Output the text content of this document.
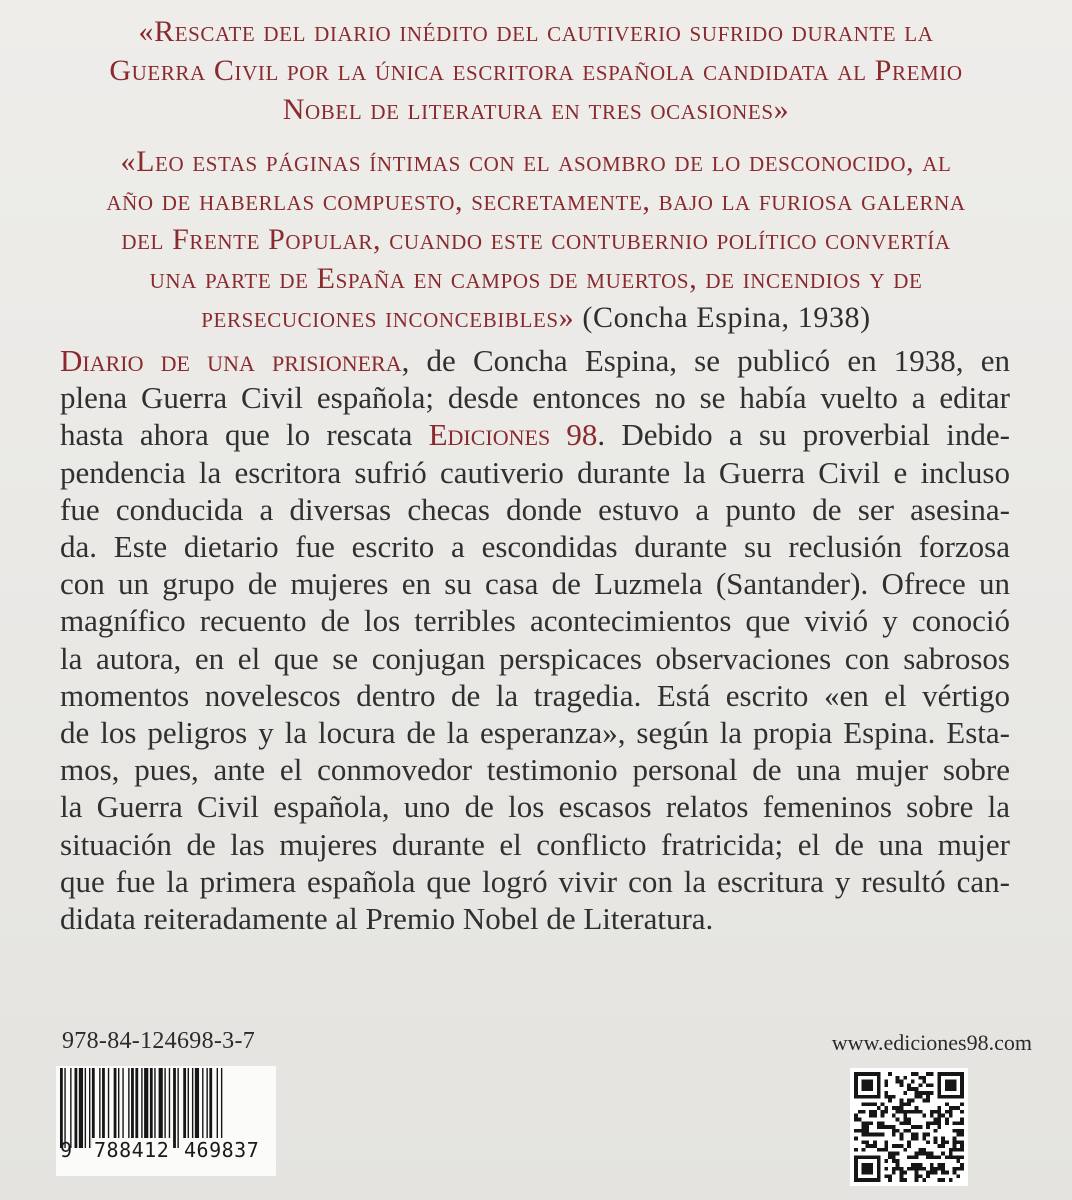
«Rescate del diario inédito del cautiverio sufrido durante la
Guerra Civil por la única escritora española candidata al Premio
Nobel de literatura en tres ocasiones»
«Leo estas páginas íntimas con el asombro de lo desconocido, al
año de haberlas compuesto, secretamente, bajo la furiosa galerna
del Frente Popular, cuando este contubernio político convertía
una parte de España en campos de muertos, de incendios y de
persecuciones inconcebibles» (Concha Espina, 1938)
Diario de una prisionera, de Concha Espina, se publicó en 1938, en
plena Guerra Civil española; desde entonces no se había vuelto a editar
hasta ahora que lo rescata Ediciones 98. Debido a su proverbial inde-
pendencia la escritora sufrió cautiverio durante la Guerra Civil e incluso
fue conducida a diversas checas donde estuvo a punto de ser asesina-
da. Este dietario fue escrito a escondidas durante su reclusión forzosa
con un grupo de mujeres en su casa de Luzmela (Santander). Ofrece un
magnífico recuento de los terribles acontecimientos que vivió y conoció
la autora, en el que se conjugan perspicaces observaciones con sabrosos
momentos novelescos dentro de la tragedia. Está escrito «en el vértigo
de los peligros y la locura de la esperanza», según la propia Espina. Esta-
mos, pues, ante el conmovedor testimonio personal de una mujer sobre
la Guerra Civil española, uno de los escasos relatos femeninos sobre la
situación de las mujeres durante el conflicto fratricida; el de una mujer
que fue la primera española que logró vivir con la escritura y resultó can-
didata reiteradamente al Premio Nobel de Literatura.
978-84-124698-3-7
9 788412 469837
www.ediciones98.com
